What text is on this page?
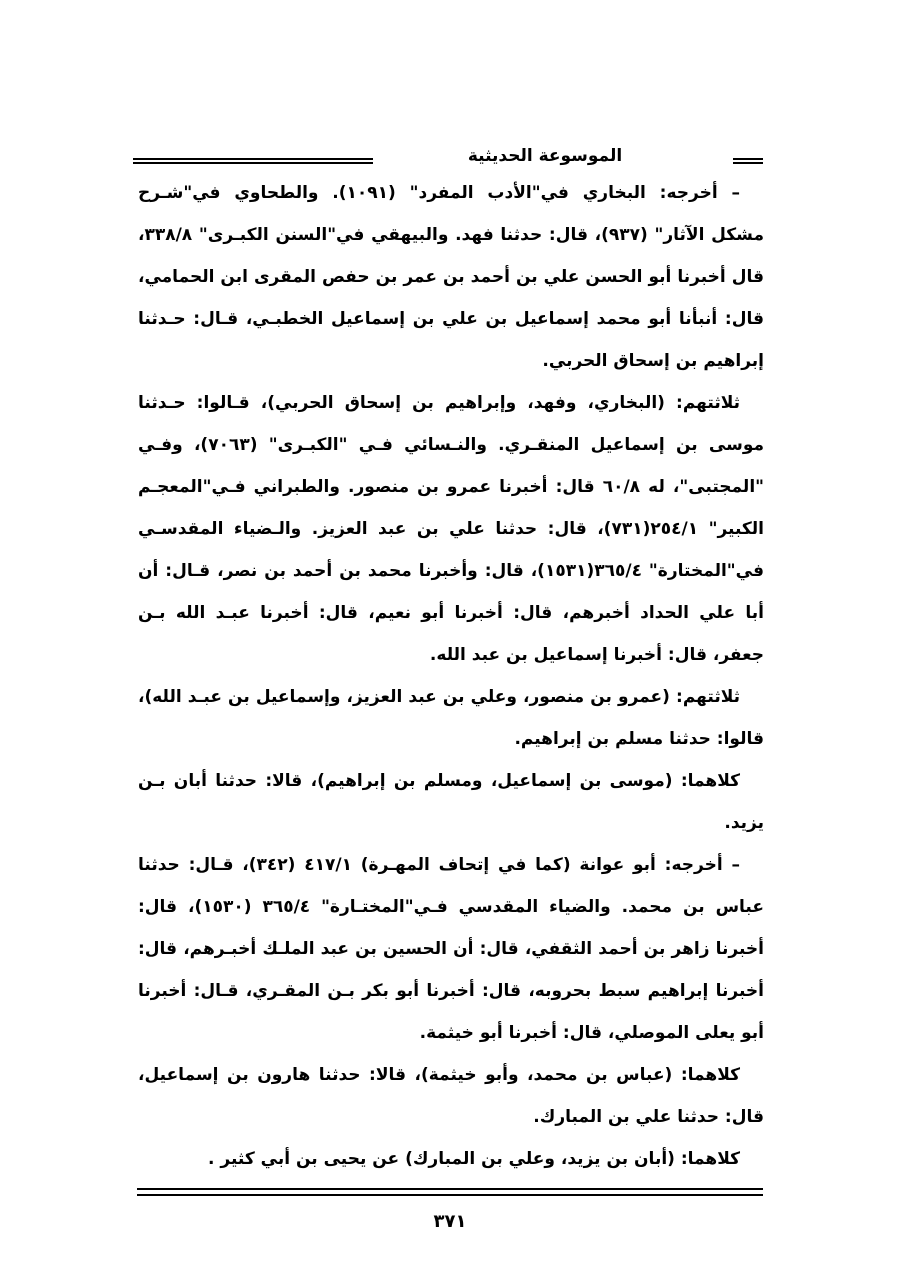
الموسوعة الحديثية

– أخرجه: البخاري في"الأدب المفرد" (١٠٩١). والطحاوي في"شـرح مشكل الآثار" (٩٣٧)، قال: حدثنا فهد. والبيهقي في"السنن الكبـرى" ٣٣٨/٨، قال أخبرنا أبو الحسن علي بن أحمد بن عمر بن حفص المقرى ابن الحمامي، قال: أنبأنا أبو محمد إسماعيل بن علي بن إسماعيل الخطبـي، قـال: حـدثنا إبراهيم بن إسحاق الحربي.

ثلاثتهم: (البخاري، وفهد، وإبراهيم بن إسحاق الحربي)، قـالوا: حـدثنا موسى بن إسماعيل المنقـري. والنـسائي فـي "الكبـرى" (٧٠٦٣)، وفـي "المجتبى"، له ٦٠/٨ قال: أخبرنا عمرو بن منصور. والطبراني فـي"المعجـم الكبير" ٢٥٤/١(٧٣١)، قال: حدثنا علي بن عبد العزيز. والـضياء المقدسـي في"المختارة" ٣٦٥/٤(١٥٣١)، قال: وأخبرنا محمد بن أحمد بن نصر، قـال: أن أبا علي الحداد أخبرهم، قال: أخبرنا أبو نعيم، قال: أخبرنا عبـد الله بـن جعفر، قال: أخبرنا إسماعيل بن عبد الله.

ثلاثتهم: (عمرو بن منصور، وعلي بن عبد العزيز، وإسماعيل بن عبـد الله)، قالوا: حدثنا مسلم بن إبراهيم.

كلاهما: (موسى بن إسماعيل، ومسلم بن إبراهيم)، قالا: حدثنا أبان بـن يزيد.

– أخرجه: أبو عوانة (كما في إتحاف المهـرة) ٤١٧/١ (٣٤٢)، قـال: حدثنا عباس بن محمد. والضياء المقدسي فـي"المختـارة" ٣٦٥/٤ (١٥٣٠)، قال: أخبرنا زاهر بن أحمد الثقفي، قال: أن الحسين بن عبد الملـك أخبـرهم، قال: أخبرنا إبراهيم سبط بحروبه، قال: أخبرنا أبو بكر بـن المقـري، قـال: أخبرنا أبو يعلى الموصلي، قال: أخبرنا أبو خيثمة.

كلاهما: (عباس بن محمد، وأبو خيثمة)، قالا: حدثنا هارون بن إسماعيل، قال: حدثنا علي بن المبارك.

كلاهما: (أبان بن يزيد، وعلي بن المبارك) عن يحيى بن أبي كثير .

٣٧١
